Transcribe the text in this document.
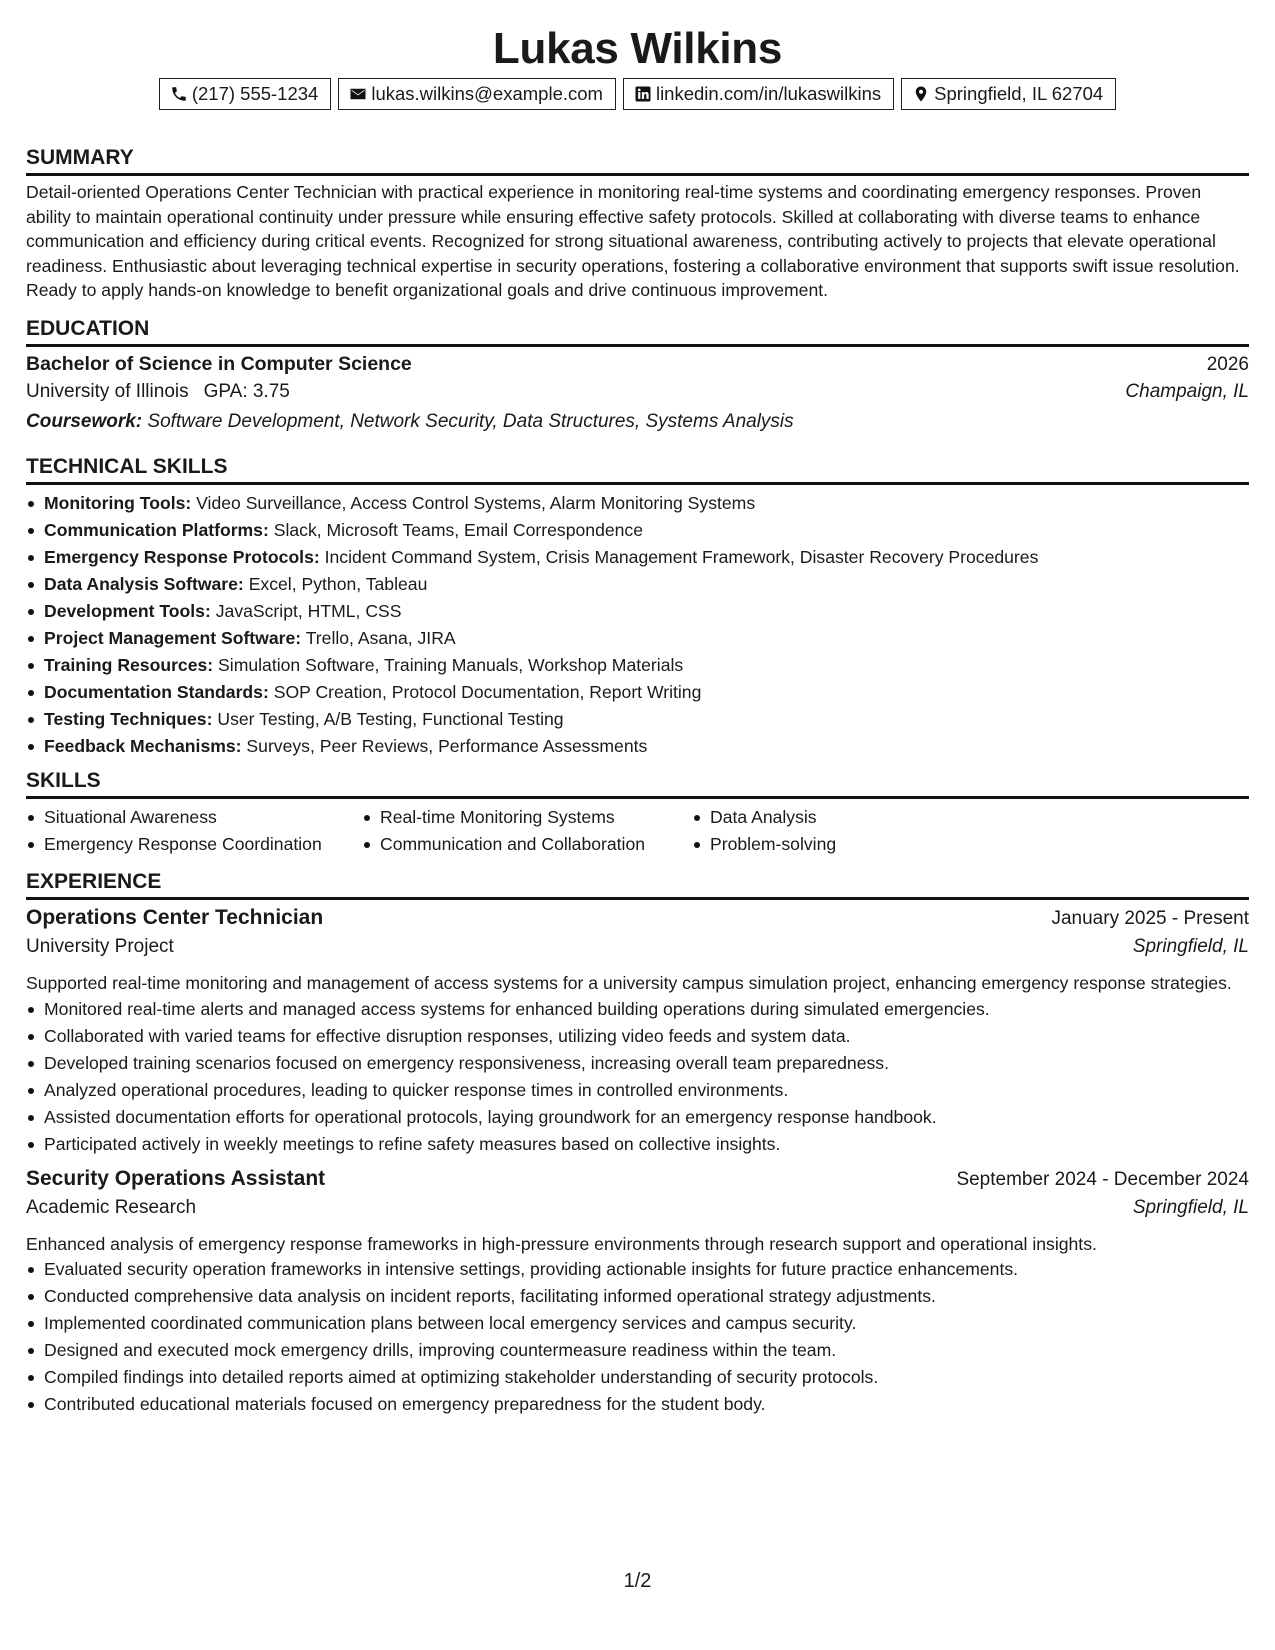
Lukas Wilkins
(217) 555-1234	lukas.wilkins@example.com	linkedin.com/in/lukaswilkins	Springfield, IL 62704
SUMMARY

Detail-oriented Operations Center Technician with practical experience in monitoring real-time systems and coordinating emergency responses. Proven ability to maintain operational continuity under pressure while ensuring effective safety protocols. Skilled at collaborating with diverse teams to enhance communication and efficiency during critical events. Recognized for strong situational awareness, contributing actively to projects that elevate operational readiness. Enthusiastic about leveraging technical expertise in security operations, fostering a collaborative environment that supports swift issue resolution. Ready to apply hands-on knowledge to benefit organizational goals and drive continuous improvement.

EDUCATION
Bachelor of Science in Computer Science	2026
University of Illinois GPA: 3.75	Champaign, IL
Coursework: Software Development, Network Security, Data Structures, Systems Analysis
TECHNICAL SKILLS
Monitoring Tools: Video Surveillance, Access Control Systems, Alarm Monitoring Systems
Communication Platforms: Slack, Microsoft Teams, Email Correspondence
Emergency Response Protocols: Incident Command System, Crisis Management Framework, Disaster Recovery Procedures
Data Analysis Software: Excel, Python, Tableau
Development Tools: JavaScript, HTML, CSS
Project Management Software: Trello, Asana, JIRA
Training Resources: Simulation Software, Training Manuals, Workshop Materials
Documentation Standards: SOP Creation, Protocol Documentation, Report Writing
Testing Techniques: User Testing, A/B Testing, Functional Testing
Feedback Mechanisms: Surveys, Peer Reviews, Performance Assessments
SKILLS
Situational Awareness
Emergency Response Coordination
Real-time Monitoring Systems
Communication and Collaboration
Data Analysis
Problem-solving
EXPERIENCE
Operations Center Technician	January 2025 - Present
University Project	Springfield, IL

Supported real-time monitoring and management of access systems for a university campus simulation project, enhancing emergency response strategies.

Monitored real-time alerts and managed access systems for enhanced building operations during simulated emergencies.
Collaborated with varied teams for effective disruption responses, utilizing video feeds and system data.
Developed training scenarios focused on emergency responsiveness, increasing overall team preparedness.
Analyzed operational procedures, leading to quicker response times in controlled environments.
Assisted documentation efforts for operational protocols, laying groundwork for an emergency response handbook.
Participated actively in weekly meetings to refine safety measures based on collective insights.
Security Operations Assistant	September 2024 - December 2024
Academic Research	Springfield, IL

Enhanced analysis of emergency response frameworks in high-pressure environments through research support and operational insights.

Evaluated security operation frameworks in intensive settings, providing actionable insights for future practice enhancements.
Conducted comprehensive data analysis on incident reports, facilitating informed operational strategy adjustments.
Implemented coordinated communication plans between local emergency services and campus security.
Designed and executed mock emergency drills, improving countermeasure readiness within the team.
Compiled findings into detailed reports aimed at optimizing stakeholder understanding of security protocols.
Contributed educational materials focused on emergency preparedness for the student body.
1/2
